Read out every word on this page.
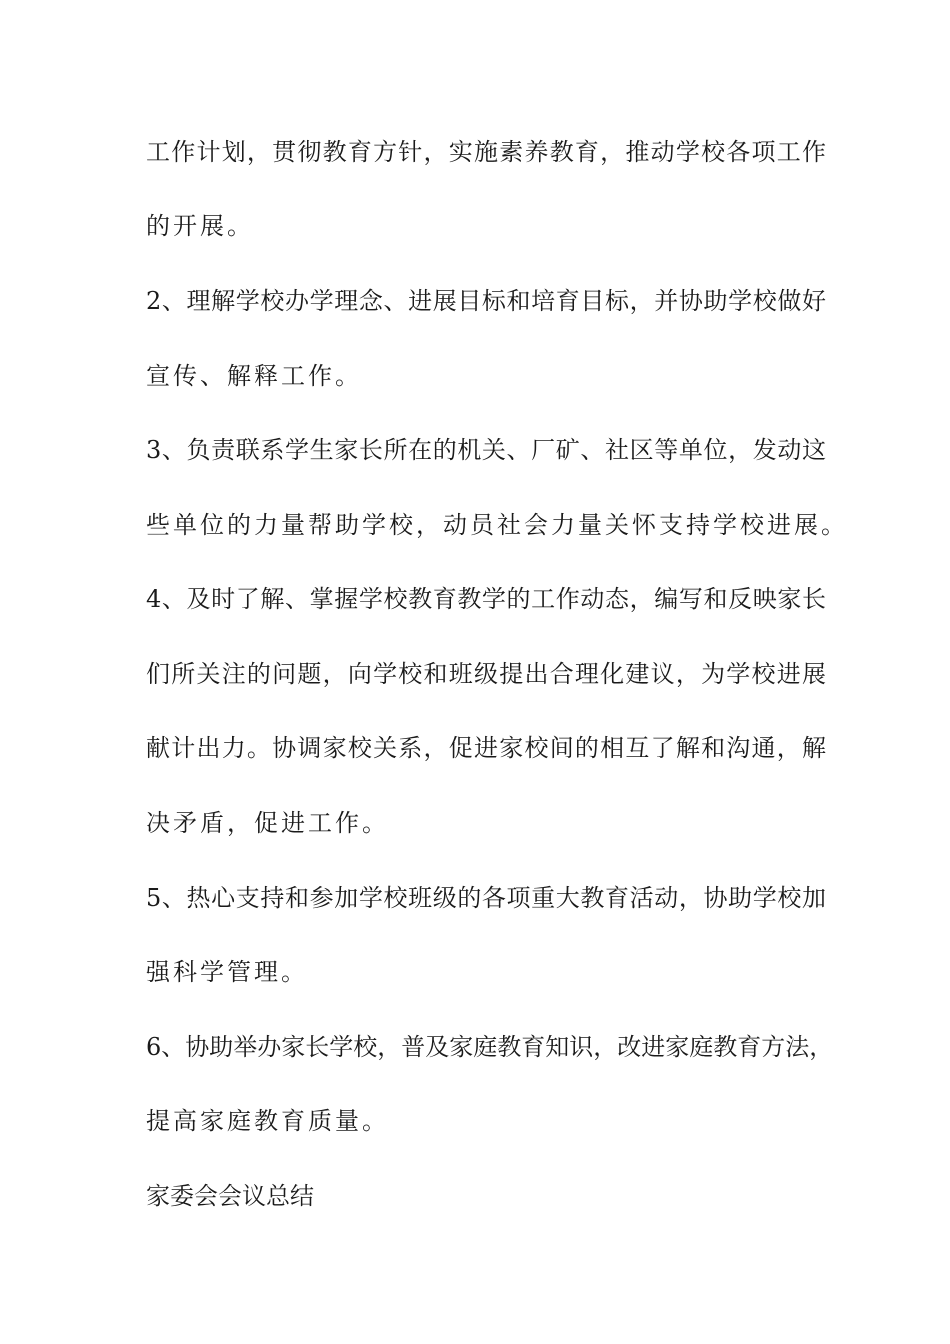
工作计划，贯彻教育方针，实施素养教育，推动学校各项工作
的开展。
2、理解学校办学理念、进展目标和培育目标，并协助学校做好
宣传、解释工作。
3、负责联系学生家长所在的机关、厂矿、社区等单位，发动这
些单位的力量帮助学校，动员社会力量关怀支持学校进展。
4、及时了解、掌握学校教育教学的工作动态，编写和反映家长
们所关注的问题，向学校和班级提出合理化建议，为学校进展
献计出力。协调家校关系，促进家校间的相互了解和沟通，解
决矛盾，促进工作。
5、热心支持和参加学校班级的各项重大教育活动，协助学校加
强科学管理。
6、协助举办家长学校，普及家庭教育知识，改进家庭教育方法，
提高家庭教育质量。
家委会会议总结
